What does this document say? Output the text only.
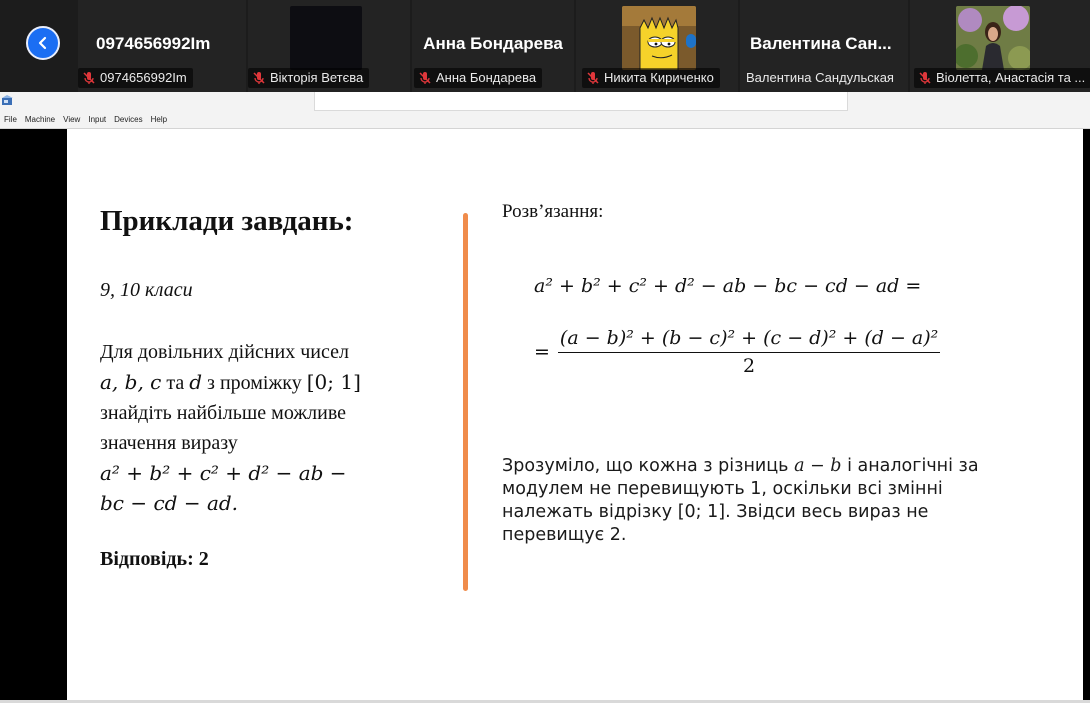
0974656992Im
0974656992Im	Вікторія Ветєва
Анна Бондарева
Анна Бондарева	Никита Кириченко
Валентина Сан...
Валентина Сандульская	Віолетта, Анастасія та ...
File	Machine	View	Input	Devices	Help
Приклади завдань:
9, 10 класи
Для довільних дійсних чисел
a, b, c та d з проміжку [0; 1]
знайдіть найбільше можливе
значення виразу
a² + b² + c² + d² − ab −
bc − cd − ad.
Відповідь: 2
Розв’язання:
a² + b² + c² + d² − ab − bc − cd − ad =
= $\frac{\text{(a − b)² + (b − c)² + (c − d)² + (d − a)²}}{2}$
Зрозуміло, що кожна з різниць a − b і аналогічні за модулем не перевищують 1, оскільки всі змінні належать відрізку [0; 1]. Звідси весь вираз не перевищує 2.
